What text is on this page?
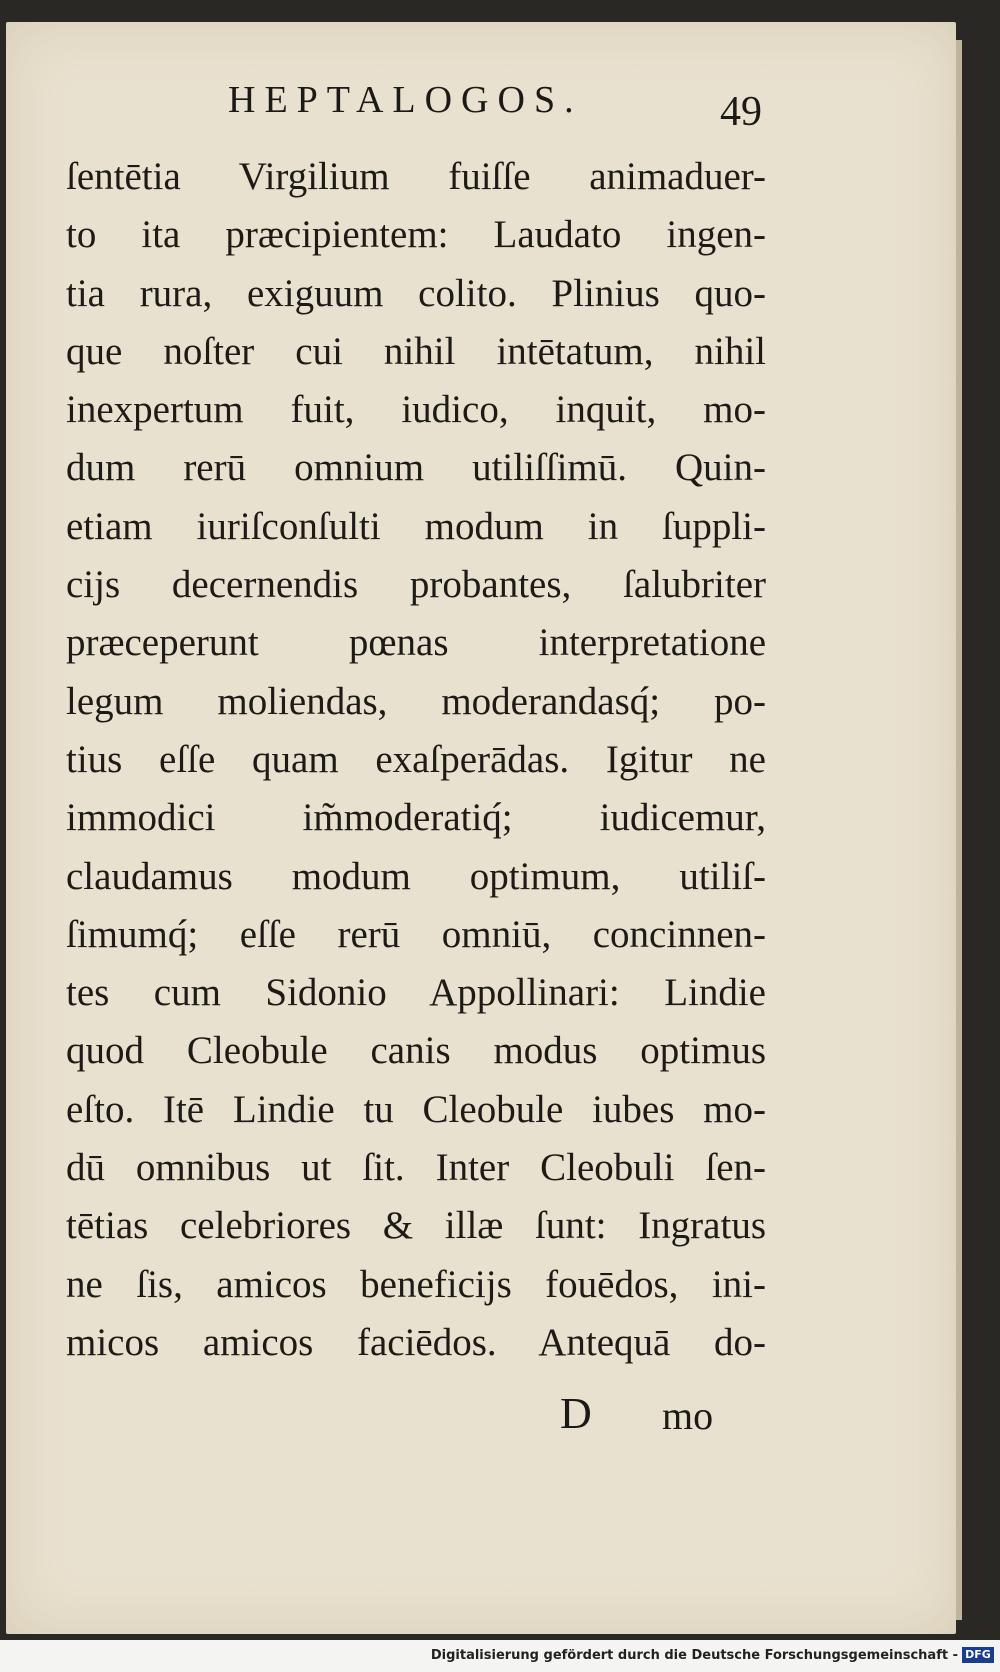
HEPTALOGOS.	49
ſentētia Virgilium fuiſſe animaduer-
to ita præcipientem: Laudato ingen-
tia rura, exiguum colito. Plinius quo-
que noſter cui nihil intētatum, nihil
inexpertum fuit, iudico, inquit, mo-
dum rerū omnium utiliſſimū. Quin-
etiam iuriſconſulti modum in ſuppli-
cijs decernendis probantes, ſalubriter
præceperunt pœnas interpretatione
legum moliendas, moderandasq́; po-
tius eſſe quam exaſperādas. Igitur ne
immodici im̃moderatiq́; iudicemur,
claudamus modum optimum, utiliſ-
ſimumq́; eſſe rerū omniū, concinnen-
tes cum Sidonio Appollinari: Lindie
quod Cleobule canis modus optimus
eſto. Itē Lindie tu Cleobule iubes mo-
dū omnibus ut ſit. Inter Cleobuli ſen-
tētias celebriores & illæ ſunt: Ingratus
ne ſis, amicos beneficijs fouēdos, ini-
micos amicos faciēdos. Antequā do-
D mo
Digitalisierung gefördert durch die Deutsche Forschungsgemeinschaft - DFG
